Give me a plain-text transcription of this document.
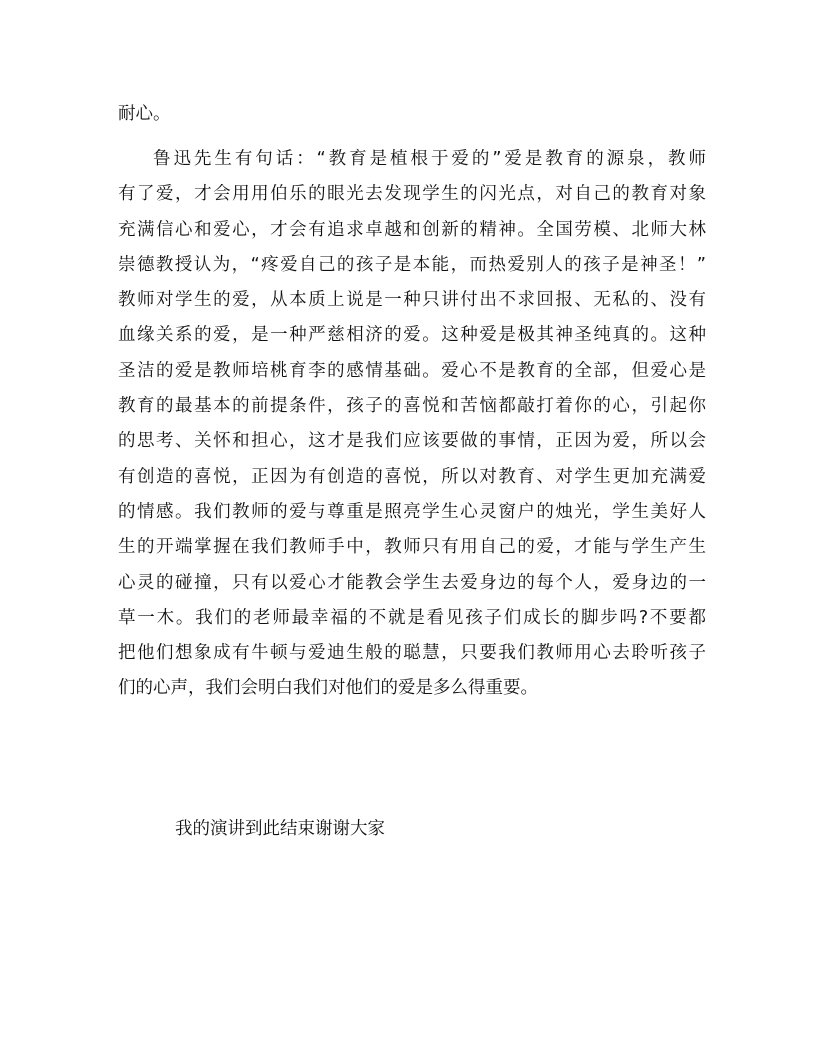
耐心。
鲁迅先生有句话：“教育是植根于爱的”爱是教育的源泉，教师
有了爱，才会用用伯乐的眼光去发现学生的闪光点，对自己的教育对象
充满信心和爱心，才会有追求卓越和创新的精神。全国劳模、北师大林
崇德教授认为，“疼爱自己的孩子是本能，而热爱别人的孩子是神圣！”
教师对学生的爱，从本质上说是一种只讲付出不求回报、无私的、没有
血缘关系的爱，是一种严慈相济的爱。这种爱是极其神圣纯真的。这种
圣洁的爱是教师培桃育李的感情基础。爱心不是教育的全部，但爱心是
教育的最基本的前提条件，孩子的喜悦和苦恼都敲打着你的心，引起你
的思考、关怀和担心，这才是我们应该要做的事情，正因为爱，所以会
有创造的喜悦，正因为有创造的喜悦，所以对教育、对学生更加充满爱
的情感。我们教师的爱与尊重是照亮学生心灵窗户的烛光，学生美好人
生的开端掌握在我们教师手中，教师只有用自己的爱，才能与学生产生
心灵的碰撞，只有以爱心才能教会学生去爱身边的每个人，爱身边的一
草一木。我们的老师最幸福的不就是看见孩子们成长的脚步吗?不要都
把他们想象成有牛顿与爱迪生般的聪慧，只要我们教师用心去聆听孩子
们的心声，我们会明白我们对他们的爱是多么得重要。
我的演讲到此结束谢谢大家
